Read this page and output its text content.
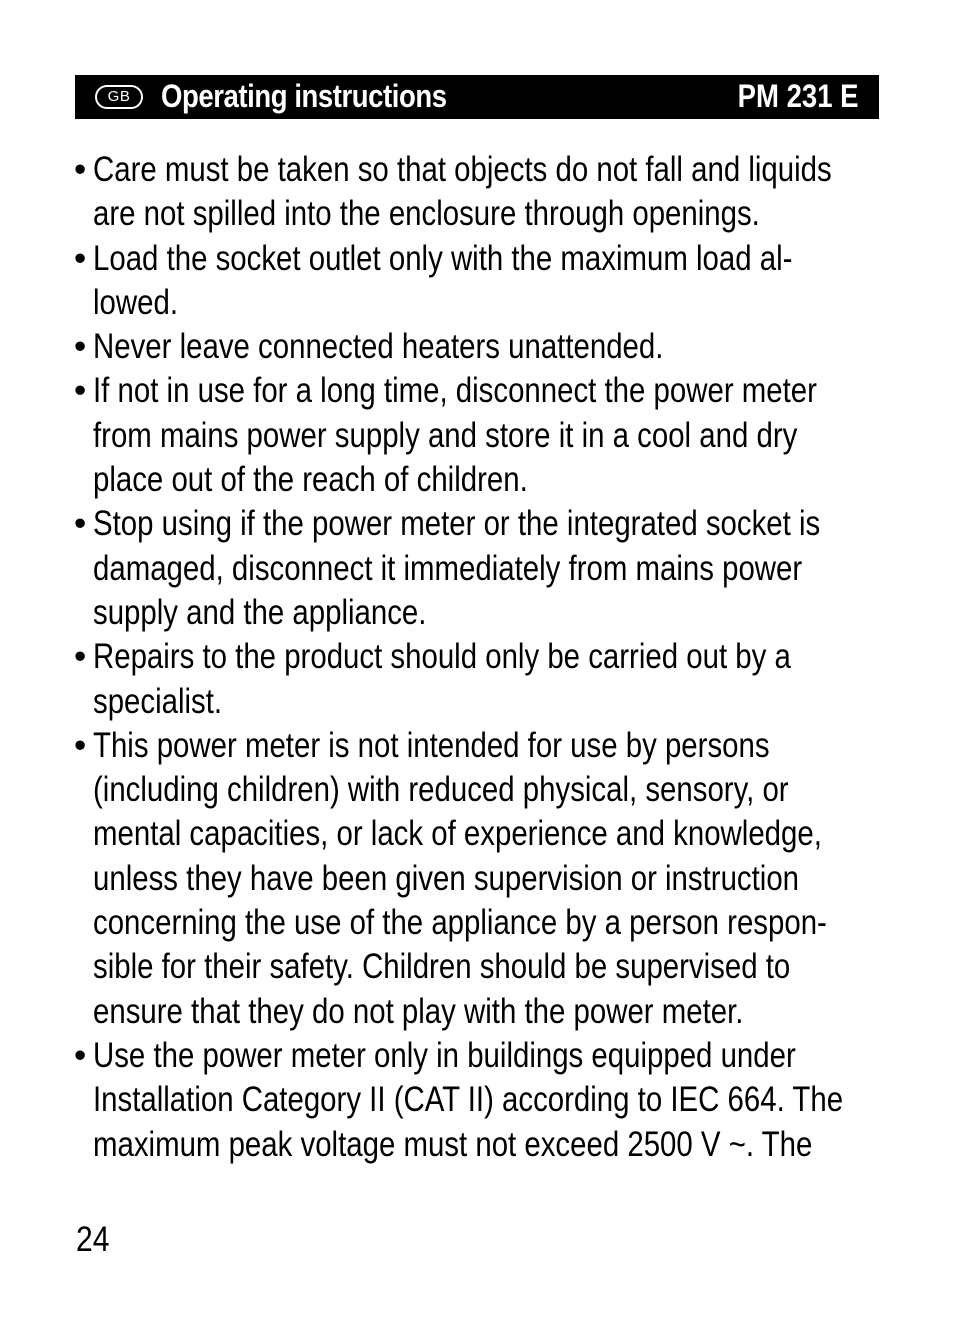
GB Operating instructions	PM 231 E
• Care must be taken so that objects do not fall and liquids
are not spilled into the enclosure through openings.
• Load the socket outlet only with the maximum load al-
lowed.
• Never leave connected heaters unattended.
• If not in use for a long time, disconnect the power meter
from mains power supply and store it in a cool and dry
place out of the reach of children.
• Stop using if the power meter or the integrated socket is
damaged, disconnect it immediately from mains power
supply and the appliance.
• Repairs to the product should only be carried out by a
specialist.
• This power meter is not intended for use by persons
(including children) with reduced physical, sensory, or
mental capacities, or lack of experience and knowledge,
unless they have been given supervision or instruction
concerning the use of the appliance by a person respon-
sible for their safety. Children should be supervised to
ensure that they do not play with the power meter.
• Use the power meter only in buildings equipped under
Installation Category II (CAT II) according to IEC 664. The
maximum peak voltage must not exceed 2500 V ~. The
24
